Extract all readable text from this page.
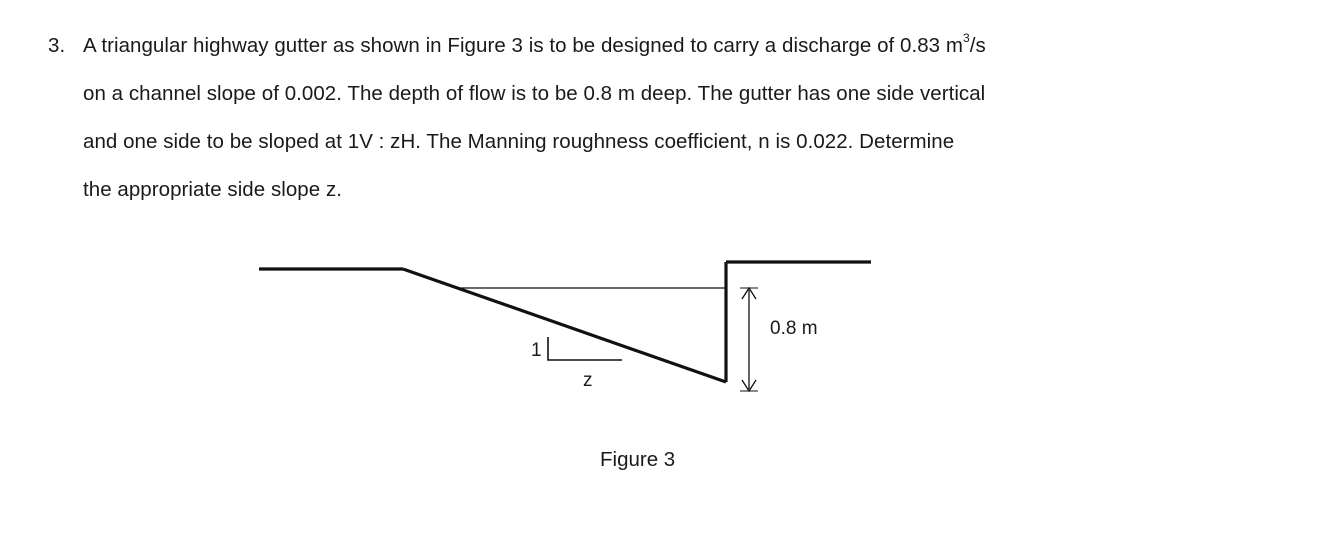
3. A triangular highway gutter as shown in Figure 3 is to be designed to carry a discharge of 0.83 $m^3/s$
on a channel slope of 0.002. The depth of flow is to be 0.8 m deep. The gutter has one side vertical
and one side to be sloped at 1V : zH. The Manning roughness coefficient, n is 0.022. Determine
the appropriate side slope z.
1
z
0.8 m
Figure 3
